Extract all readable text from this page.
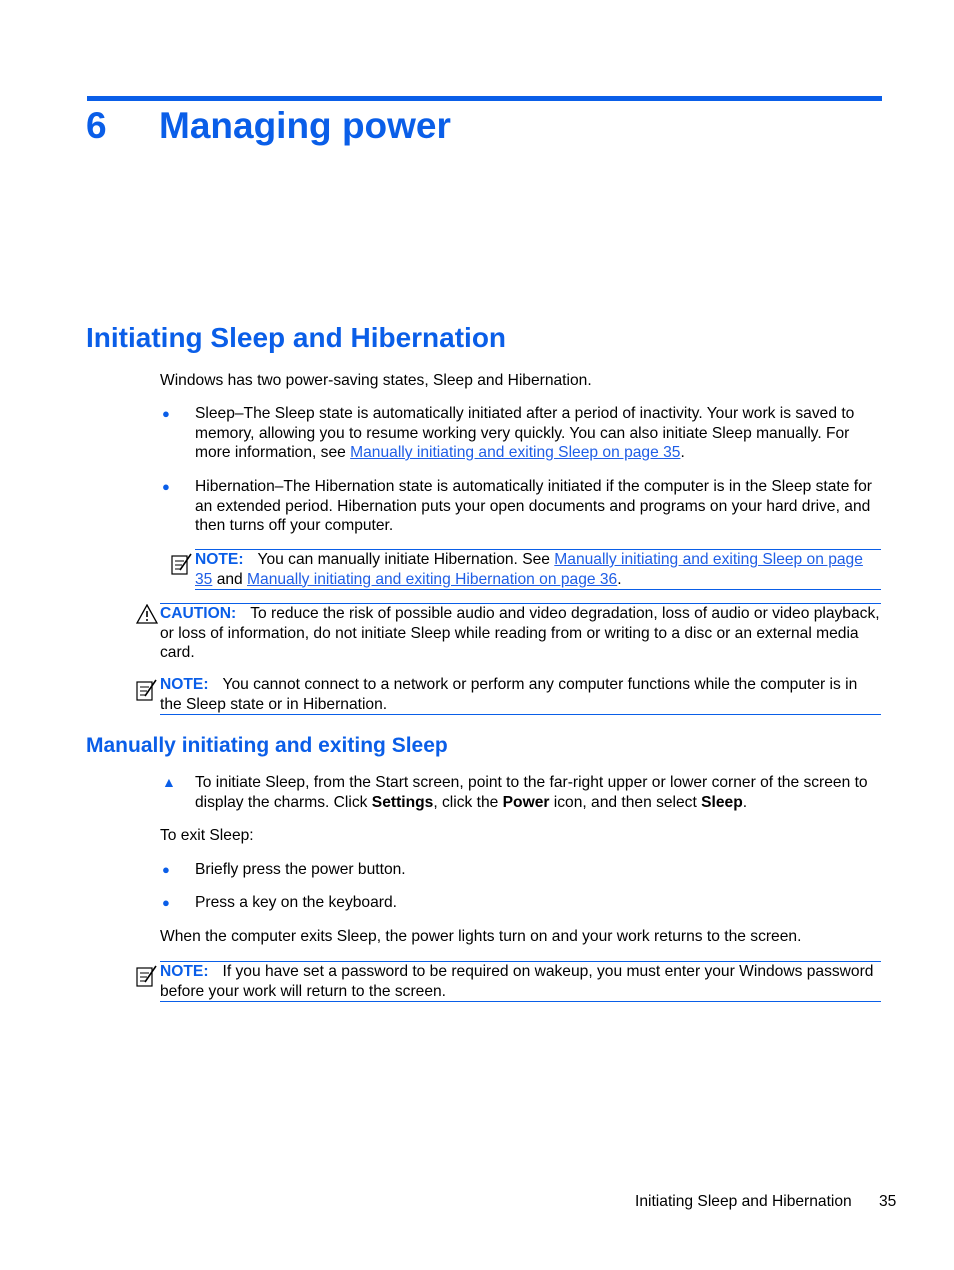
6 Managing power
Initiating Sleep and Hibernation
Windows has two power-saving states, Sleep and Hibernation.
● Sleep–The Sleep state is automatically initiated after a period of inactivity. Your work is saved to memory, allowing you to resume working very quickly. You can also initiate Sleep manually. For more information, see Manually initiating and exiting Sleep on page 35.
● Hibernation–The Hibernation state is automatically initiated if the computer is in the Sleep state for an extended period. Hibernation puts your open documents and programs on your hard drive, and then turns off your computer.
NOTE: You can manually initiate Hibernation. See Manually initiating and exiting Sleep on page 35 and Manually initiating and exiting Hibernation on page 36.
CAUTION: To reduce the risk of possible audio and video degradation, loss of audio or video playback, or loss of information, do not initiate Sleep while reading from or writing to a disc or an external media card.
NOTE: You cannot connect to a network or perform any computer functions while the computer is in the Sleep state or in Hibernation.
Manually initiating and exiting Sleep
▲ To initiate Sleep, from the Start screen, point to the far-right upper or lower corner of the screen to display the charms. Click Settings, click the Power icon, and then select Sleep.
To exit Sleep:
● Briefly press the power button.
● Press a key on the keyboard.
When the computer exits Sleep, the power lights turn on and your work returns to the screen.
NOTE: If you have set a password to be required on wakeup, you must enter your Windows password before your work will return to the screen.
Initiating Sleep and Hibernation 35
